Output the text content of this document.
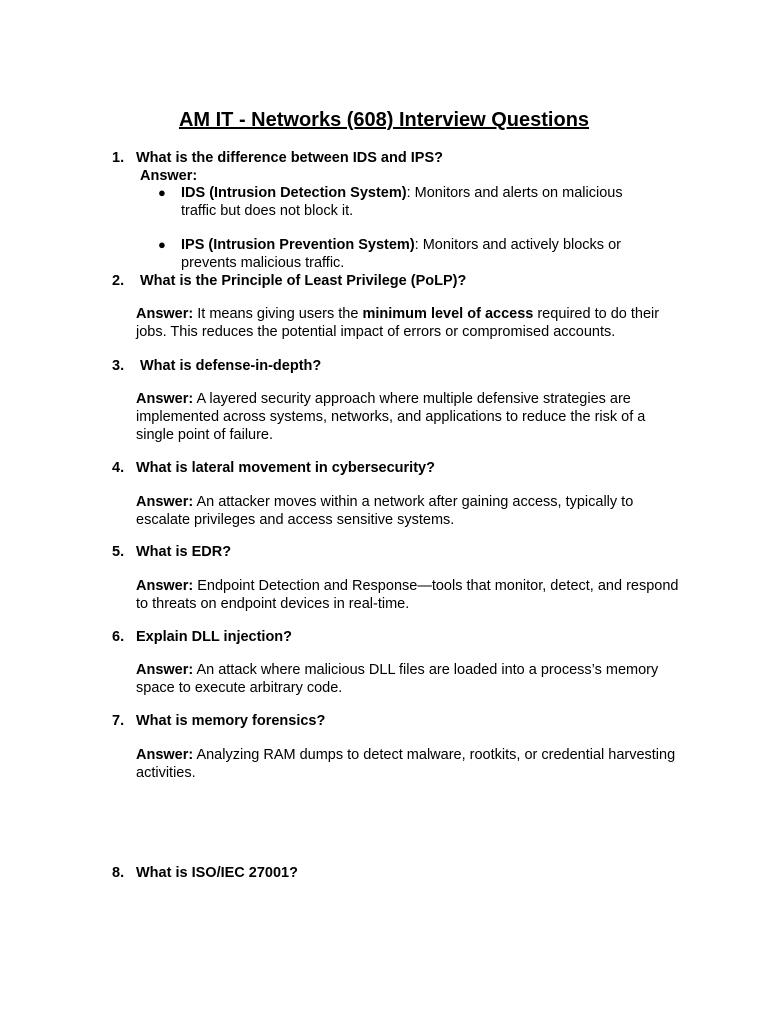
AM IT - Networks (608) Interview Questions
1. What is the difference between IDS and IPS?
Answer:
● IDS (Intrusion Detection System): Monitors and alerts on malicious traffic but does not block it.
● IPS (Intrusion Prevention System): Monitors and actively blocks or prevents malicious traffic.
2. What is the Principle of Least Privilege (PoLP)?
Answer: It means giving users the minimum level of access required to do their jobs. This reduces the potential impact of errors or compromised accounts.
3. What is defense-in-depth?
Answer: A layered security approach where multiple defensive strategies are implemented across systems, networks, and applications to reduce the risk of a single point of failure.
4. What is lateral movement in cybersecurity?
Answer: An attacker moves within a network after gaining access, typically to escalate privileges and access sensitive systems.
5. What is EDR?
Answer: Endpoint Detection and Response—tools that monitor, detect, and respond to threats on endpoint devices in real-time.
6. Explain DLL injection?
Answer: An attack where malicious DLL files are loaded into a process’s memory space to execute arbitrary code.
7. What is memory forensics?
Answer: Analyzing RAM dumps to detect malware, rootkits, or credential harvesting activities.
8. What is ISO/IEC 27001?
